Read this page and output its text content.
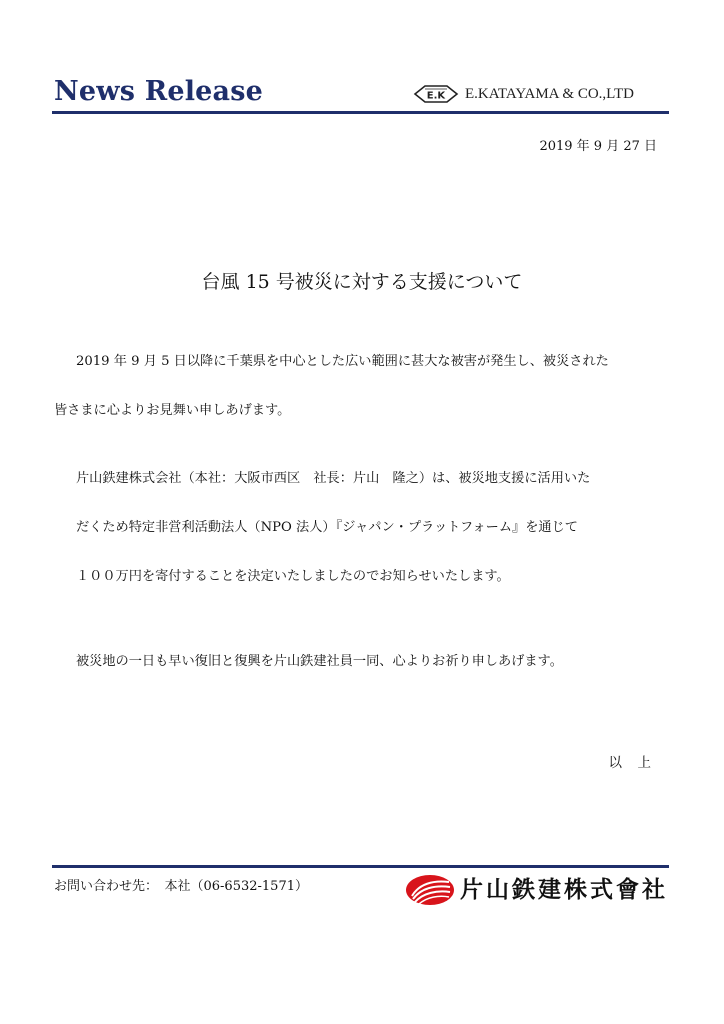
News Release	E.K E.KATAYAMA & CO.,LTD
2019 年 9 月 27 日
台風 15 号被災に対する支援について
2019 年 9 月 5 日以降に千葉県を中心とした広い範囲に甚大な被害が発生し、被災された
皆さまに心よりお見舞い申しあげます。
片山鉄建株式会社（本社：大阪市西区　社長：片山　隆之）は、被災地支援に活用いた
だくため特定非営利活動法人（NPO 法人）『ジャパン・プラットフォーム』を通じて
１００万円を寄付することを決定いたしましたのでお知らせいたします。
被災地の一日も早い復旧と復興を片山鉄建社員一同、心よりお祈り申しあげます。
以　上
お問い合わせ先：　本社（06-6532-1571）	片山鉄建株式會社
